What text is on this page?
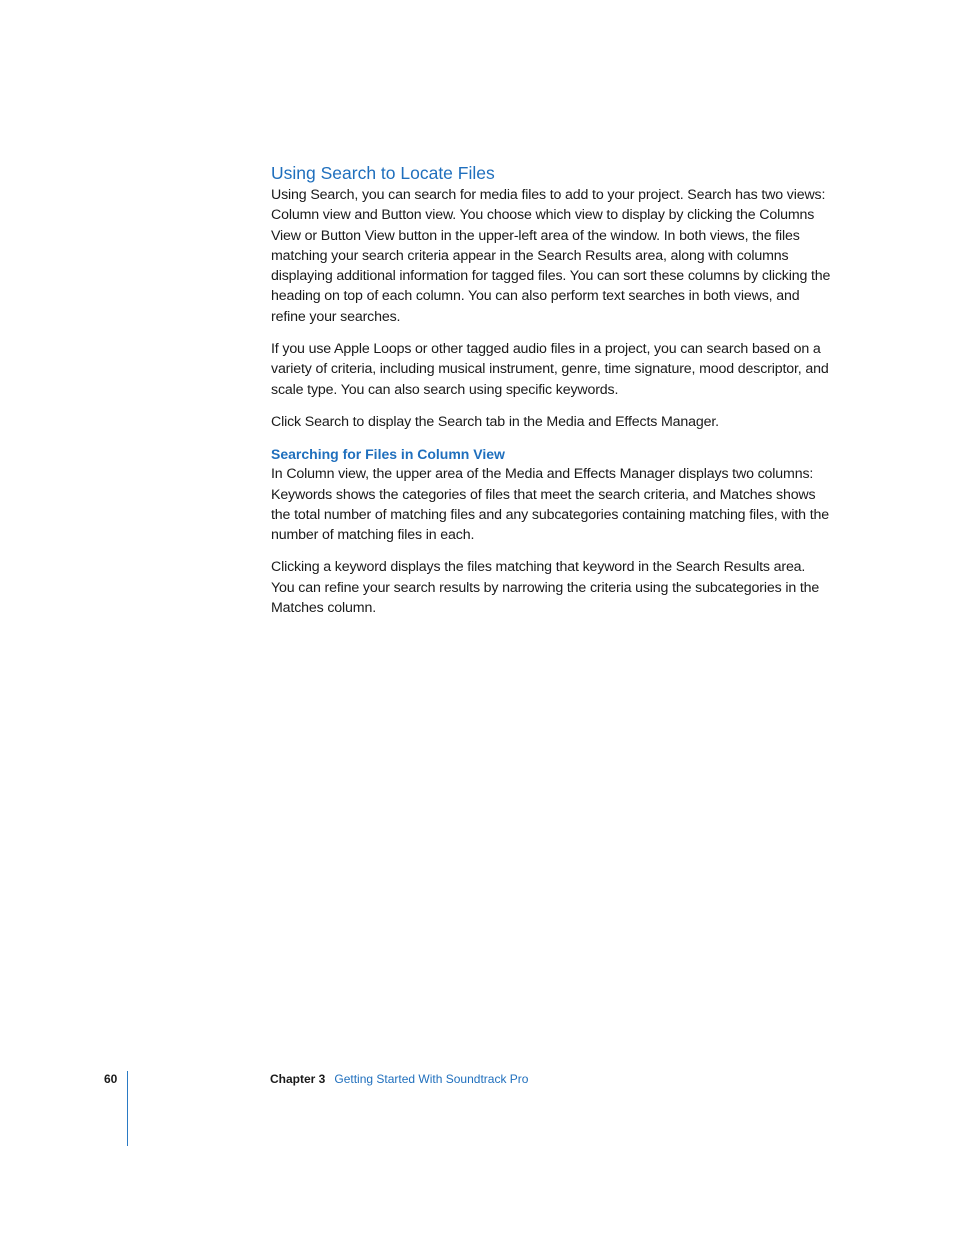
Using Search to Locate Files

Using Search, you can search for media files to add to your project. Search has two views: Column view and Button view. You choose which view to display by clicking the Columns View or Button View button in the upper-left area of the window. In both views, the files matching your search criteria appear in the Search Results area, along with columns displaying additional information for tagged files. You can sort these columns by clicking the heading on top of each column. You can also perform text searches in both views, and refine your searches.

If you use Apple Loops or other tagged audio files in a project, you can search based on a variety of criteria, including musical instrument, genre, time signature, mood descriptor, and scale type. You can also search using specific keywords.

Click Search to display the Search tab in the Media and Effects Manager.

Searching for Files in Column View

In Column view, the upper area of the Media and Effects Manager displays two columns: Keywords shows the categories of files that meet the search criteria, and Matches shows the total number of matching files and any subcategories containing matching files, with the number of matching files in each.

Clicking a keyword displays the files matching that keyword in the Search Results area. You can refine your search results by narrowing the criteria using the subcategories in the Matches column.

60	Chapter 3 Getting Started With Soundtrack Pro
